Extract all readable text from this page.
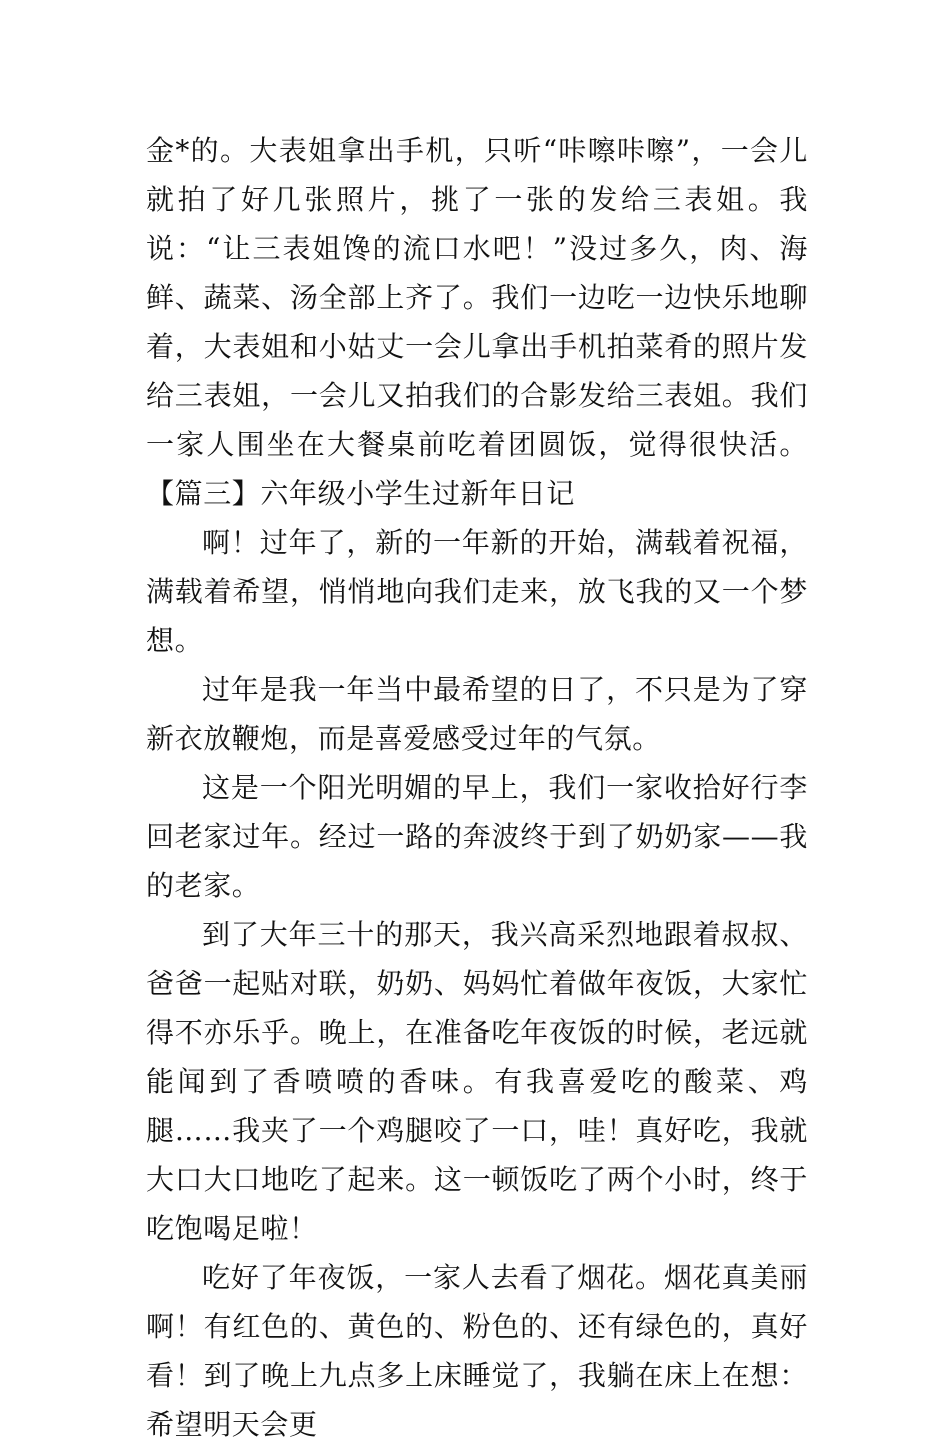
金*的。大表姐拿出手机，只听“咔嚓咔嚓”，一会儿就拍了好几张照片，挑了一张的发给三表姐。我说：“让三表姐馋的流口水吧！”没过多久，肉、海鲜、蔬菜、汤全部上齐了。我们一边吃一边快乐地聊着，大表姐和小姑丈一会儿拿出手机拍菜肴的照片发给三表姐，一会儿又拍我们的合影发给三表姐。我们一家人围坐在大餐桌前吃着团圆饭，觉得很快活。【篇三】六年级小学生过新年日记

啊！过年了，新的一年新的开始，满载着祝福，满载着希望，悄悄地向我们走来，放飞我的又一个梦想。

过年是我一年当中最希望的日了，不只是为了穿新衣放鞭炮，而是喜爱感受过年的气氛。

这是一个阳光明媚的早上，我们一家收拾好行李回老家过年。经过一路的奔波终于到了奶奶家——我的老家。

到了大年三十的那天，我兴高采烈地跟着叔叔、爸爸一起贴对联，奶奶、妈妈忙着做年夜饭，大家忙得不亦乐乎。晚上，在准备吃年夜饭的时候，老远就能闻到了香喷喷的香味。有我喜爱吃的酸菜、鸡腿……我夹了一个鸡腿咬了一口，哇！真好吃，我就大口大口地吃了起来。这一顿饭吃了两个小时，终于吃饱喝足啦！

吃好了年夜饭，一家人去看了烟花。烟花真美丽啊！有红色的、黄色的、粉色的、还有绿色的，真好看！到了晚上九点多上床睡觉了，我躺在床上在想：希望明天会更
